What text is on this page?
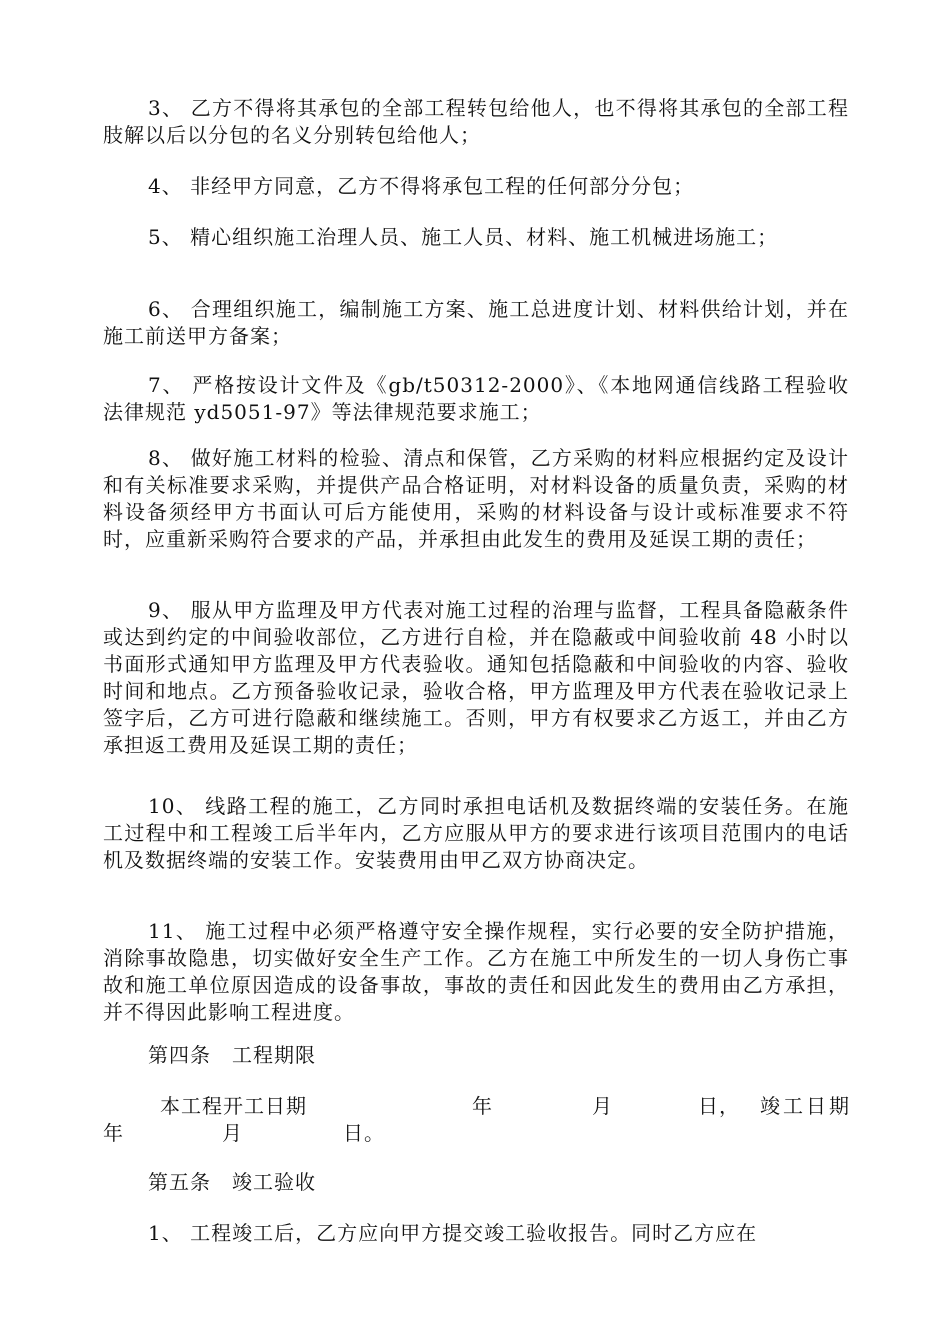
3、 乙方不得将其承包的全部工程转包给他人，也不得将其承包的全部工程肢解以后以分包的名义分别转包给他人；

4、 非经甲方同意，乙方不得将承包工程的任何部分分包；

5、 精心组织施工治理人员、施工人员、材料、施工机械进场施工；

6、 合理组织施工，编制施工方案、施工总进度计划、材料供给计划，并在施工前送甲方备案；

7、 严格按设计文件及《gb/t50312-2000》、《本地网通信线路工程验收法律规范 yd5051-97》等法律规范要求施工；

8、 做好施工材料的检验、清点和保管，乙方采购的材料应根据约定及设计和有关标准要求采购，并提供产品合格证明，对材料设备的质量负责，采购的材料设备须经甲方书面认可后方能使用，采购的材料设备与设计或标准要求不符时，应重新采购符合要求的产品，并承担由此发生的费用及延误工期的责任；

9、 服从甲方监理及甲方代表对施工过程的治理与监督，工程具备隐蔽条件或达到约定的中间验收部位，乙方进行自检，并在隐蔽或中间验收前 48 小时以书面形式通知甲方监理及甲方代表验收。通知包括隐蔽和中间验收的内容、验收时间和地点。乙方预备验收记录，验收合格，甲方监理及甲方代表在验收记录上签字后，乙方可进行隐蔽和继续施工。否则，甲方有权要求乙方返工，并由乙方承担返工费用及延误工期的责任；

10、 线路工程的施工，乙方同时承担电话机及数据终端的安装任务。在施工过程中和工程竣工后半年内，乙方应服从甲方的要求进行该项目范围内的电话机及数据终端的安装工作。安装费用由甲乙双方协商决定。

11、 施工过程中必须严格遵守安全操作规程，实行必要的安全防护措施，消除事故隐患，切实做好安全生产工作。乙方在施工中所发生的一切人身伤亡事故和施工单位原因造成的设备事故，事故的责任和因此发生的费用由乙方承担，并不得因此影响工程进度。

第四条　工程期限
本工程开工日期	年	月	日， 竣工日期
年	月	日。
第五条　竣工验收
1、 工程竣工后，乙方应向甲方提交竣工验收报告。同时乙方应在
